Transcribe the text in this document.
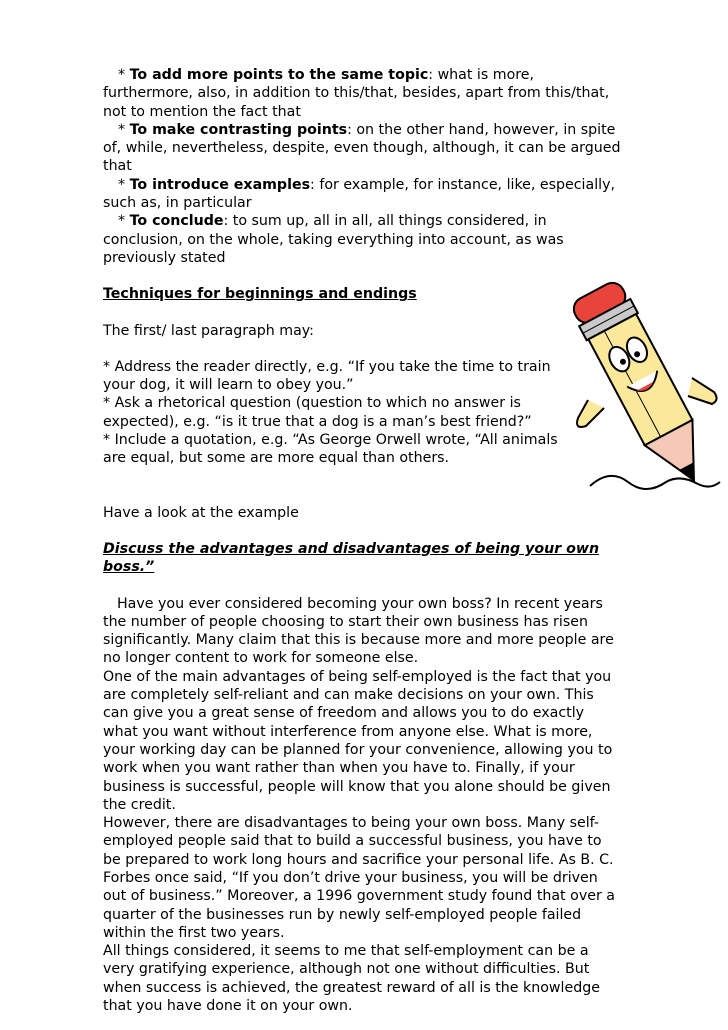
* To add more points to the same topic: what is more, furthermore, also, in addition to this/that, besides, apart from this/that, not to mention the fact that

* To make contrasting points: on the other hand, however, in spite of, while, nevertheless, despite, even though, although, it can be argued that

* To introduce examples: for example, for instance, like, especially, such as, in particular

* To conclude: to sum up, all in all, all things considered, in conclusion, on the whole, taking everything into account, as was previously stated

Techniques for beginnings and endings

The first/ last paragraph may:

* Address the reader directly, e.g. “If you take the time to train your dog, it will learn to obey you.”

* Ask a rhetorical question (question to which no answer is expected), e.g. “is it true that a dog is a man’s best friend?”

* Include a quotation, e.g. “As George Orwell wrote, “All animals are equal, but some are more equal than others.

Have a look at the example

Discuss the advantages and disadvantages of being your own boss.”

Have you ever considered becoming your own boss? In recent years the number of people choosing to start their own business has risen significantly. Many claim that this is because more and more people are no longer content to work for someone else.

One of the main advantages of being self-employed is the fact that you are completely self-reliant and can make decisions on your own. This can give you a great sense of freedom and allows you to do exactly what you want without interference from anyone else. What is more, your working day can be planned for your convenience, allowing you to work when you want rather than when you have to. Finally, if your business is successful, people will know that you alone should be given the credit.

However, there are disadvantages to being your own boss. Many self-employed people said that to build a successful business, you have to be prepared to work long hours and sacrifice your personal life. As B. C. Forbes once said, “If you don’t drive your business, you will be driven out of business.” Moreover, a 1996 government study found that over a quarter of the businesses run by newly self-employed people failed within the first two years.

All things considered, it seems to me that self-employment can be a very gratifying experience, although not one without difficulties. But when success is achieved, the greatest reward of all is the knowledge that you have done it on your own.
